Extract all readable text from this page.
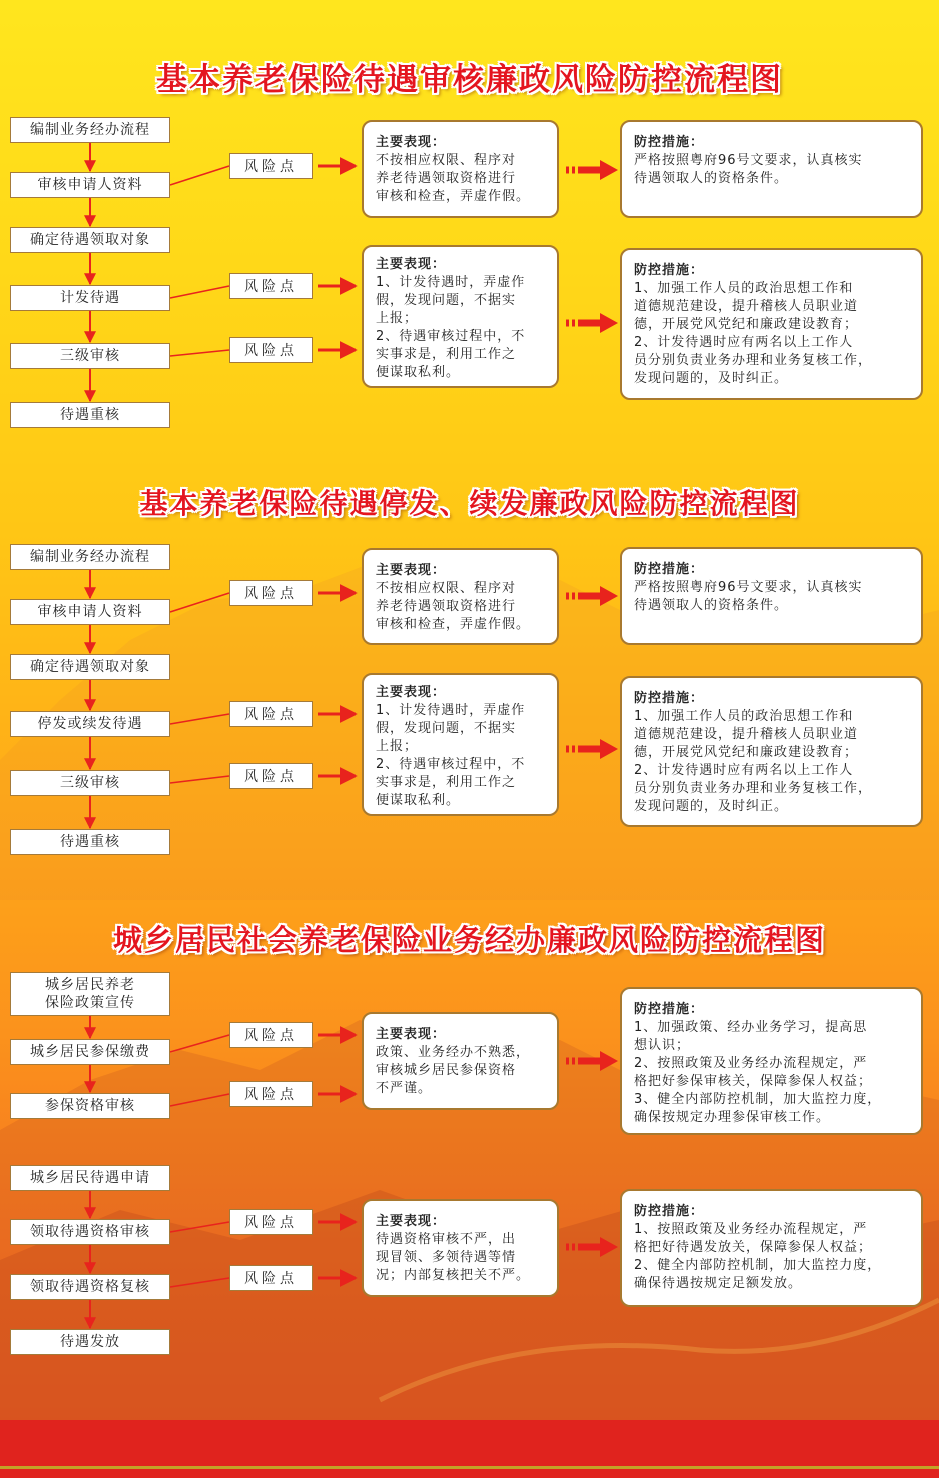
基本养老保险待遇审核廉政风险防控流程图
编制业务经办流程
审核申请人资料
确定待遇领取对象
计发待遇
三级审核
待遇重核
风险点
风险点
风险点
主要表现：
不按相应权限、程序对
养老待遇领取资格进行
审核和检查，弄虚作假。
防控措施：
严格按照粤府96号文要求，认真核实
待遇领取人的资格条件。
主要表现：
1、计发待遇时，弄虚作
假，发现问题，不据实
上报；
2、待遇审核过程中，不
实事求是，利用工作之
便谋取私利。
防控措施：
1、加强工作人员的政治思想工作和
道德规范建设，提升稽核人员职业道
德，开展党风党纪和廉政建设教育；
2、计发待遇时应有两名以上工作人
员分别负责业务办理和业务复核工作，
发现问题的，及时纠正。
基本养老保险待遇停发、续发廉政风险防控流程图
编制业务经办流程
审核申请人资料
确定待遇领取对象
停发或续发待遇
三级审核
待遇重核
风险点
风险点
风险点
主要表现：
不按相应权限、程序对
养老待遇领取资格进行
审核和检查，弄虚作假。
防控措施：
严格按照粤府96号文要求，认真核实
待遇领取人的资格条件。
主要表现：
1、计发待遇时，弄虚作
假，发现问题，不据实
上报；
2、待遇审核过程中，不
实事求是，利用工作之
便谋取私利。
防控措施：
1、加强工作人员的政治思想工作和
道德规范建设，提升稽核人员职业道
德，开展党风党纪和廉政建设教育；
2、计发待遇时应有两名以上工作人
员分别负责业务办理和业务复核工作，
发现问题的，及时纠正。
城乡居民社会养老保险业务经办廉政风险防控流程图
城乡居民养老
保险政策宣传
城乡居民参保缴费
参保资格审核
城乡居民待遇申请
领取待遇资格审核
领取待遇资格复核
待遇发放
风险点
风险点
风险点
风险点
主要表现：
政策、业务经办不熟悉，
审核城乡居民参保资格
不严谨。
防控措施：
1、加强政策、经办业务学习，提高思
想认识；
2、按照政策及业务经办流程规定，严
格把好参保审核关，保障参保人权益；
3、健全内部防控机制，加大监控力度，
确保按规定办理参保审核工作。
主要表现：
待遇资格审核不严，出
现冒领、多领待遇等情
况；内部复核把关不严。
防控措施：
1、按照政策及业务经办流程规定，严
格把好待遇发放关，保障参保人权益；
2、健全内部防控机制，加大监控力度，
确保待遇按规定足额发放。
